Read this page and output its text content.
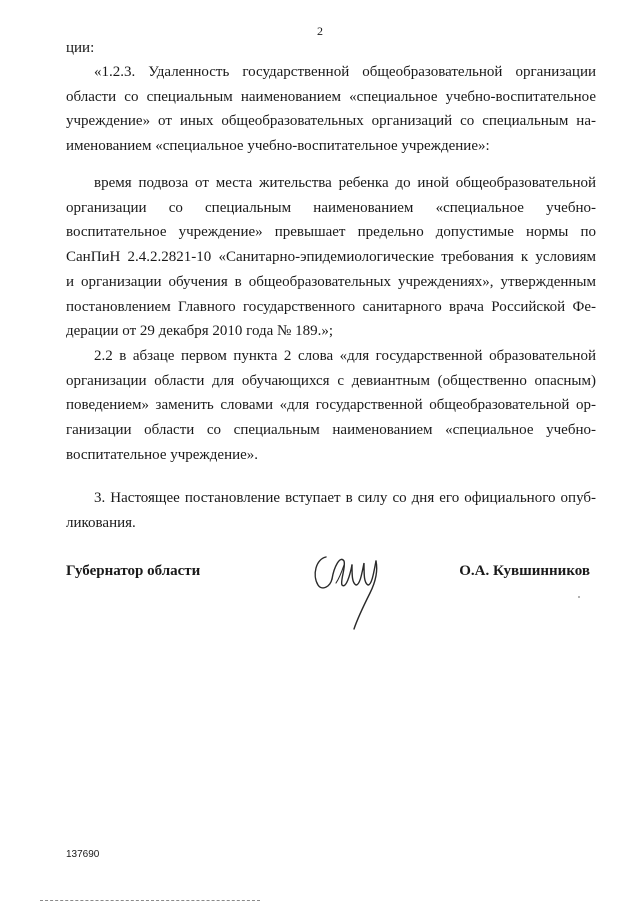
2

ции:

«1.2.3. Удаленность государственной общеобразовательной организации
области со специальным наименованием «специальное учебно-воспитательное
учреждение» от иных общеобразовательных организаций со специальным на-
именованием «специальное учебно-воспитательное учреждение»:

время подвоза от места жительства ребенка до иной общеобразовательной
организации со специальным наименованием «специальное учебно-
воспитательное учреждение» превышает предельно допустимые нормы по
СанПиН 2.4.2.2821-10 «Санитарно-эпидемиологические требования к условиям
и организации обучения в общеобразовательных учреждениях», утвержденным
постановлением Главного государственного санитарного врача Российской Фе-
дерации от 29 декабря 2010 года № 189.»;

2.2 в абзаце первом пункта 2 слова «для государственной образовательной
организации области для обучающихся с девиантным (общественно опасным)
поведением» заменить словами «для государственной общеобразовательной ор-
ганизации области со специальным наименованием «специальное учебно-
воспитательное учреждение».

3. Настоящее постановление вступает в силу со дня его официального опуб-
ликования.

Губернатор области	О.А. Кувшинников
137690
